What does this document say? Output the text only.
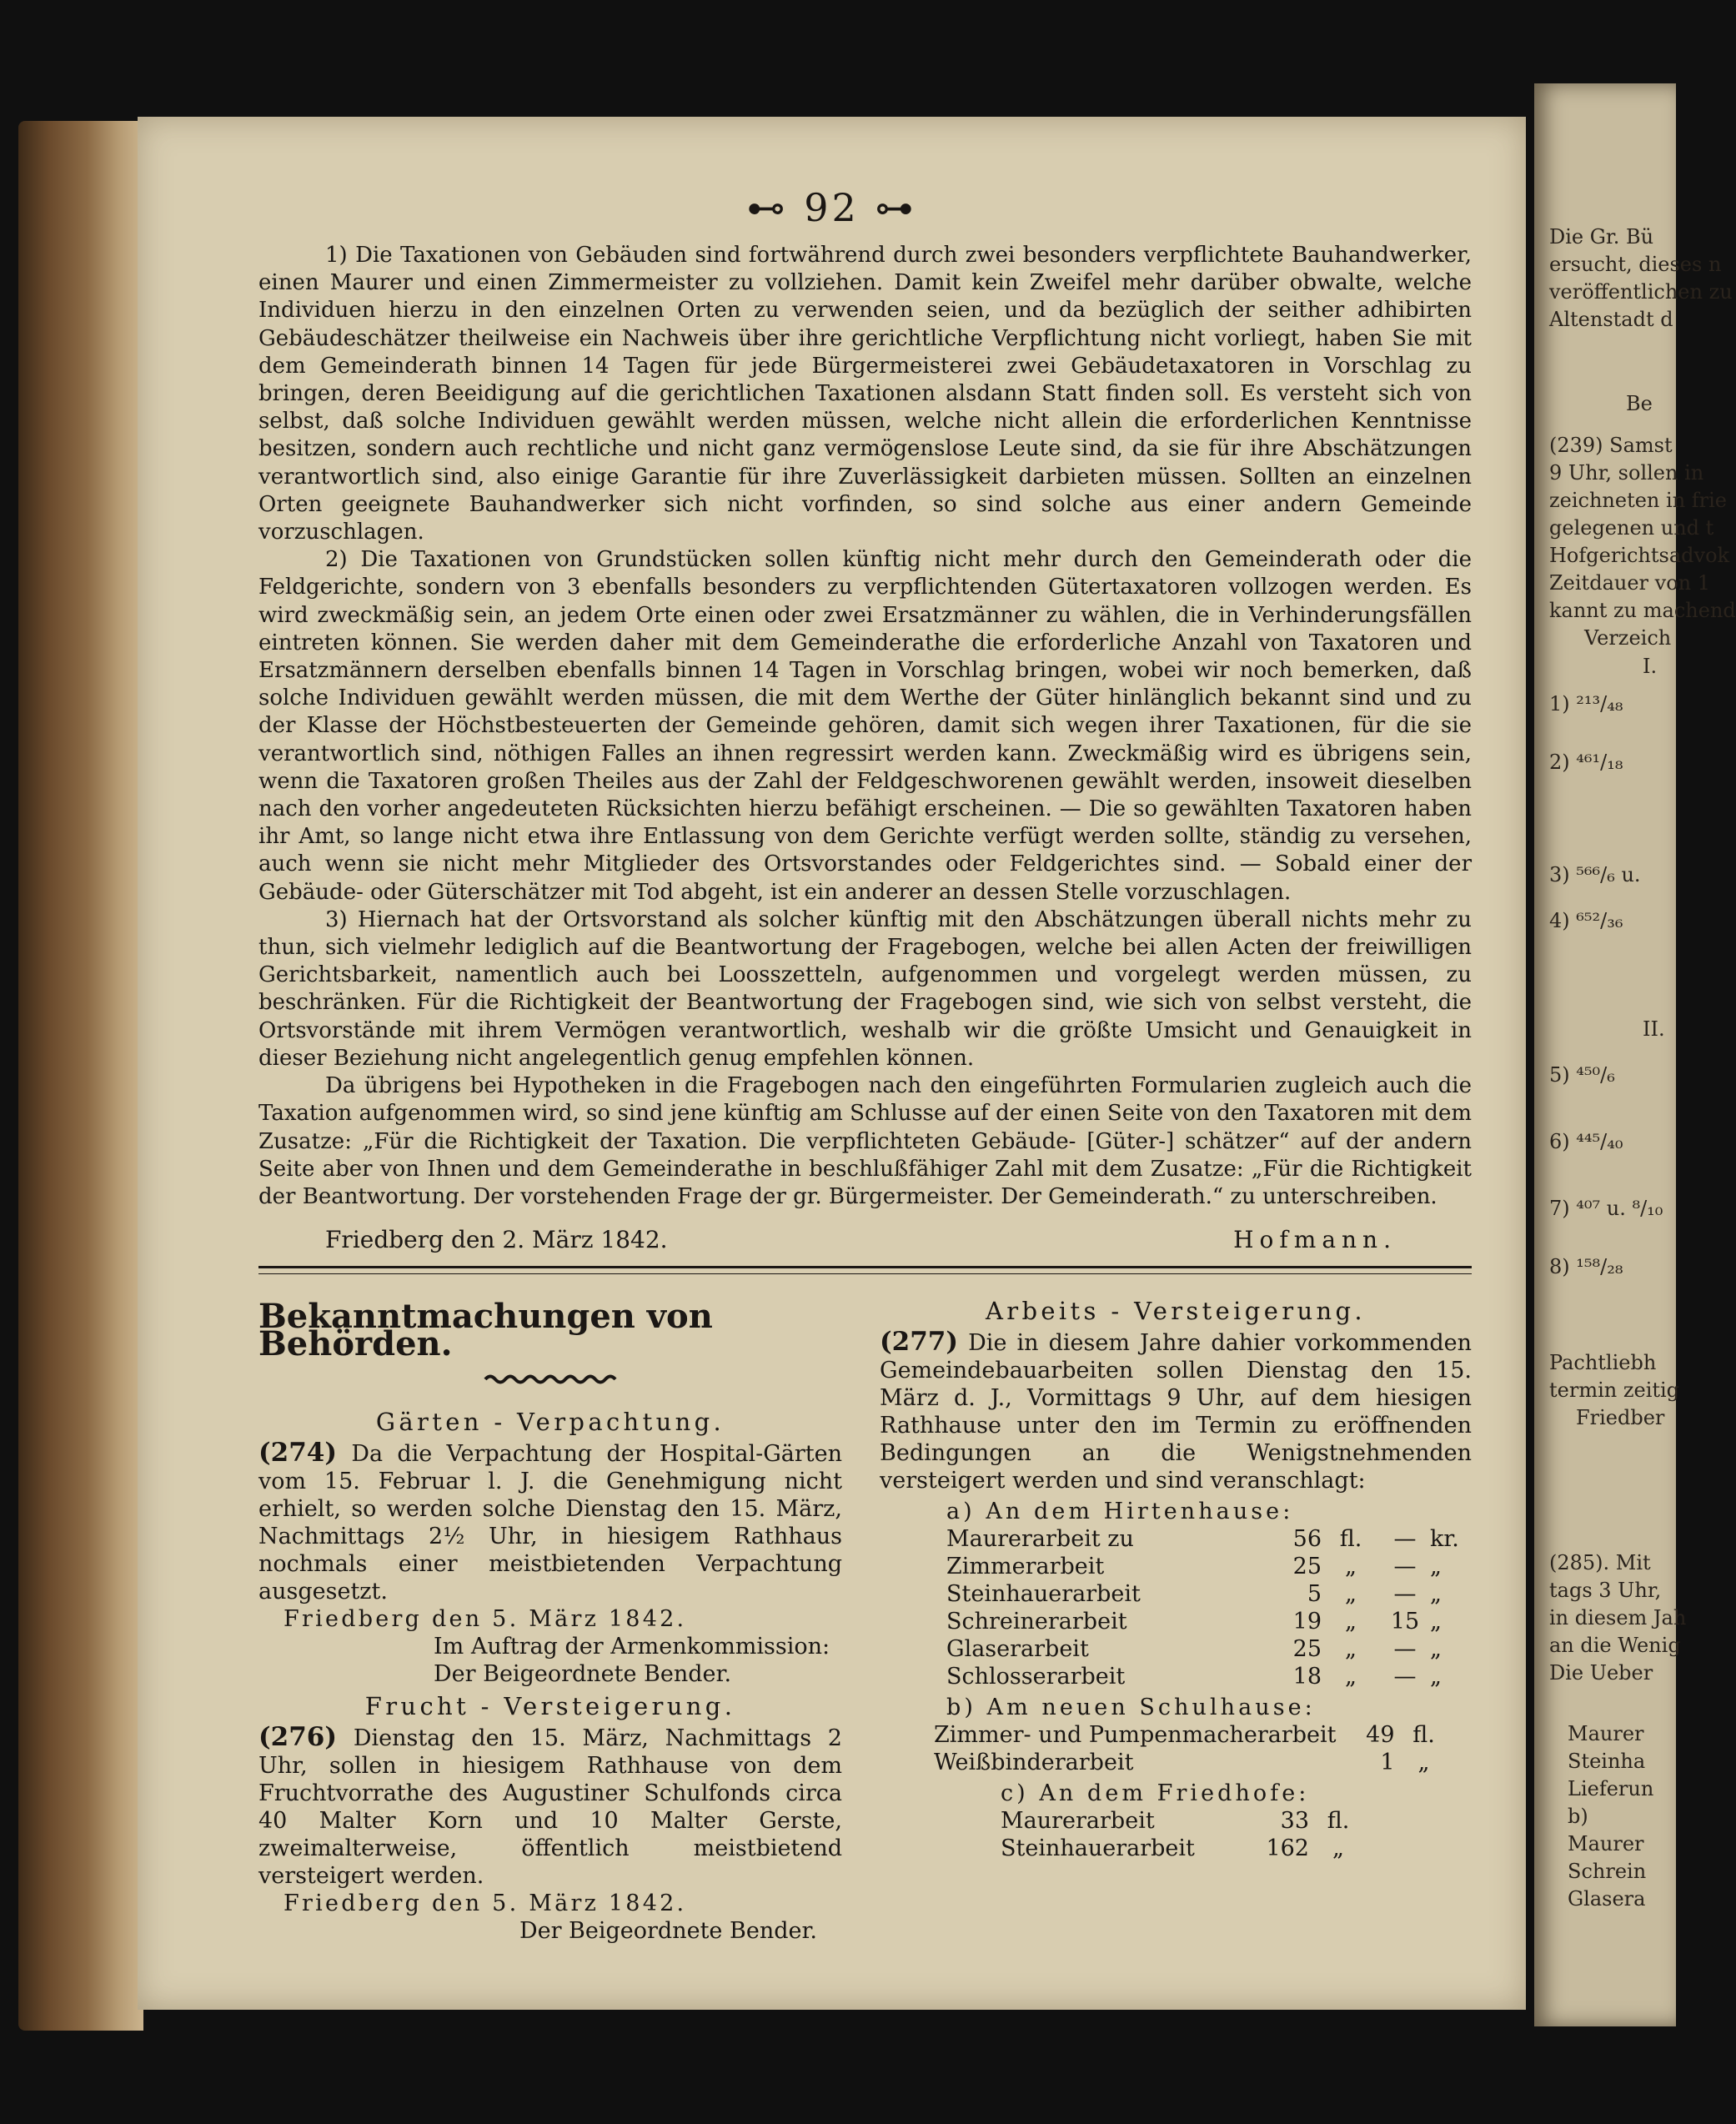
⊷ 92 ⊶

1) Die Taxationen von Gebäuden sind fortwährend durch zwei besonders verpflichtete Bauhandwerker, einen Maurer und einen Zimmermeister zu vollziehen. Damit kein Zweifel mehr darüber obwalte, welche Individuen hierzu in den einzelnen Orten zu verwenden seien, und da bezüglich der seither adhibirten Gebäudeschätzer theilweise ein Nachweis über ihre gerichtliche Verpflichtung nicht vorliegt, haben Sie mit dem Gemeinderath binnen 14 Tagen für jede Bürgermeisterei zwei Gebäudetaxatoren in Vorschlag zu bringen, deren Beeidigung auf die gerichtlichen Taxationen alsdann Statt finden soll. Es versteht sich von selbst, daß solche Individuen gewählt werden müssen, welche nicht allein die erforderlichen Kenntnisse besitzen, sondern auch rechtliche und nicht ganz vermögenslose Leute sind, da sie für ihre Abschätzungen verantwortlich sind, also einige Garantie für ihre Zuverlässigkeit darbieten müssen. Sollten an einzelnen Orten geeignete Bauhandwerker sich nicht vorfinden, so sind solche aus einer andern Gemeinde vorzuschlagen.

2) Die Taxationen von Grundstücken sollen künftig nicht mehr durch den Gemeinderath oder die Feldgerichte, sondern von 3 ebenfalls besonders zu verpflichtenden Gütertaxatoren vollzogen werden. Es wird zweckmäßig sein, an jedem Orte einen oder zwei Ersatzmänner zu wählen, die in Verhinderungsfällen eintreten können. Sie werden daher mit dem Gemeinderathe die erforderliche Anzahl von Taxatoren und Ersatzmännern derselben ebenfalls binnen 14 Tagen in Vorschlag bringen, wobei wir noch bemerken, daß solche Individuen gewählt werden müssen, die mit dem Werthe der Güter hinlänglich bekannt sind und zu der Klasse der Höchstbesteuerten der Gemeinde gehören, damit sich wegen ihrer Taxationen, für die sie verantwortlich sind, nöthigen Falles an ihnen regressirt werden kann. Zweckmäßig wird es übrigens sein, wenn die Taxatoren großen Theiles aus der Zahl der Feldgeschworenen gewählt werden, insoweit dieselben nach den vorher angedeuteten Rücksichten hierzu befähigt erscheinen. — Die so gewählten Taxatoren haben ihr Amt, so lange nicht etwa ihre Entlassung von dem Gerichte verfügt werden sollte, ständig zu versehen, auch wenn sie nicht mehr Mitglieder des Ortsvorstandes oder Feldgerichtes sind. — Sobald einer der Gebäude- oder Güterschätzer mit Tod abgeht, ist ein anderer an dessen Stelle vorzuschlagen.

3) Hiernach hat der Ortsvorstand als solcher künftig mit den Abschätzungen überall nichts mehr zu thun, sich vielmehr lediglich auf die Beantwortung der Fragebogen, welche bei allen Acten der freiwilligen Gerichtsbarkeit, namentlich auch bei Loosszetteln, aufgenommen und vorgelegt werden müssen, zu beschränken. Für die Richtigkeit der Beantwortung der Fragebogen sind, wie sich von selbst versteht, die Ortsvorstände mit ihrem Vermögen verantwortlich, weshalb wir die größte Umsicht und Genauigkeit in dieser Beziehung nicht angelegentlich genug empfehlen können.

Da übrigens bei Hypotheken in die Fragebogen nach den eingeführten Formularien zugleich auch die Taxation aufgenommen wird, so sind jene künftig am Schlusse auf der einen Seite von den Taxatoren mit dem Zusatze: „Für die Richtigkeit der Taxation. Die verpflichteten Gebäude- [Güter-] schätzer“ auf der andern Seite aber von Ihnen und dem Gemeinderathe in beschlußfähiger Zahl mit dem Zusatze: „Für die Richtigkeit der Beantwortung. Der vorstehenden Frage der gr. Bürgermeister. Der Gemeinderath.“ zu unterschreiben.

Friedberg den 2. März 1842.	Hofmann.
Bekanntmachungen von Behörden.
Gärten - Verpachtung.
(274) Da die Verpachtung der Hospital-Gärten vom 15. Februar l. J. die Genehmigung nicht erhielt, so werden solche Dienstag den 15. März, Nachmittags 2½ Uhr, in hiesigem Rathhaus nochmals einer meistbietenden Verpachtung ausgesetzt.
Friedberg den 5. März 1842.
Im Auftrag der Armenkommission:
Der Beigeordnete Bender.
Frucht - Versteigerung.
(276) Dienstag den 15. März, Nachmittags 2 Uhr, sollen in hiesigem Rathhause von dem Fruchtvorrathe des Augustiner Schulfonds circa 40 Malter Korn und 10 Malter Gerste, zweimalterweise, öffentlich meistbietend versteigert werden.
Friedberg den 5. März 1842.
Der Beigeordnete Bender.
Arbeits - Versteigerung.
(277) Die in diesem Jahre dahier vorkommenden Gemeindebauarbeiten sollen Dienstag den 15. März d. J., Vormittags 9 Uhr, auf dem hiesigen Rathhause unter den im Termin zu eröffnenden Bedingungen an die Wenigstnehmenden versteigert werden und sind veranschlagt:
a) An dem Hirtenhause:
Maurerarbeit zu	56	fl.	—	kr.
Zimmerarbeit	25	„	—	„
Steinhauerarbeit	5	„	—	„
Schreinerarbeit	19	„	15	„
Glaserarbeit	25	„	—	„
Schlosserarbeit	18	„	—	„
b) Am neuen Schulhause:
Zimmer- und Pumpenmacherarbeit	49	fl.
Weißbinderarbeit	1	„
c) An dem Friedhofe:
Maurerarbeit	33	fl.
Steinhauerarbeit	162	„
Die Gr. Bü
ersucht, dieses n
veröffentlichen zu
Altenstadt d
Be
(239) Samst
9 Uhr, sollen in
zeichneten in frie
gelegenen und t
Hofgerichtsadvok
Zeitdauer von 1
kannt zu machend
Verzeich
I.
1) ²¹³/₄₈
2) ⁴⁶¹/₁₈
3) ⁵⁶⁶/₆ u.
4) ⁶⁵²/₃₆
II.
5) ⁴⁵⁰/₆
6) ⁴⁴⁵/₄₀
7) ⁴⁰⁷ u. ⁸/₁₀
8) ¹⁵⁸/₂₈
Pachtliebh
termin zeitig
Friedber
(285). Mit
tags 3 Uhr,
in diesem Jah
an die Wenig
Die Ueber
Maurer
Steinha
Lieferun
b)
Maurer
Schrein
Glasera
